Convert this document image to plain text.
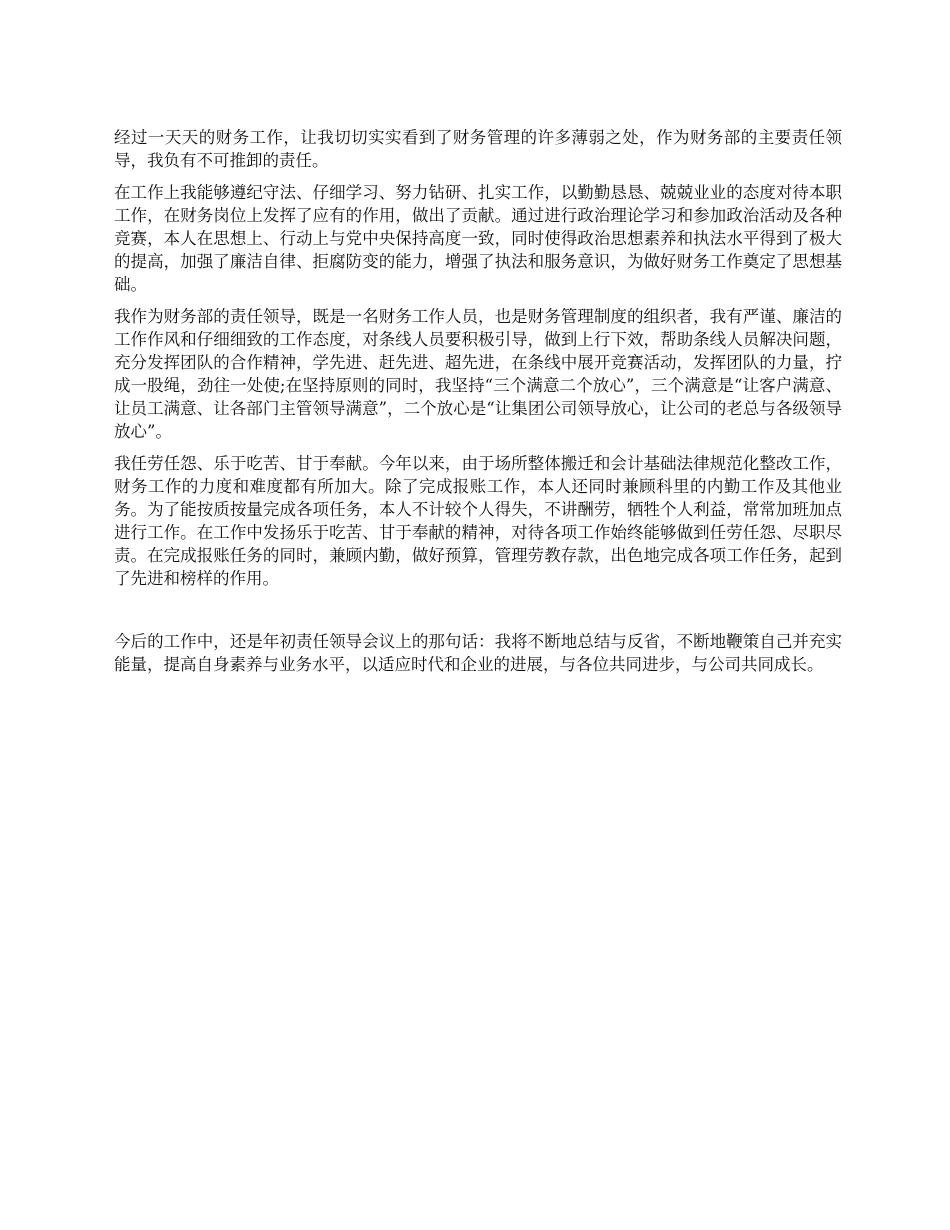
经过一天天的财务工作，让我切切实实看到了财务管理的许多薄弱之处，作为财务部的主要责任领导，我负有不可推卸的责任。

在工作上我能够遵纪守法、仔细学习、努力钻研、扎实工作，以勤勤恳恳、兢兢业业的态度对待本职工作，在财务岗位上发挥了应有的作用，做出了贡献。通过进行政治理论学习和参加政治活动及各种竞赛，本人在思想上、行动上与党中央保持高度一致，同时使得政治思想素养和执法水平得到了极大的提高，加强了廉洁自律、拒腐防变的能力，增强了执法和服务意识，为做好财务工作奠定了思想基础。

我作为财务部的责任领导，既是一名财务工作人员，也是财务管理制度的组织者，我有严谨、廉洁的工作作风和仔细细致的工作态度，对条线人员要积极引导，做到上行下效，帮助条线人员解决问题，充分发挥团队的合作精神，学先进、赶先进、超先进，在条线中展开竞赛活动，发挥团队的力量，拧成一股绳，劲往一处使;在坚持原则的同时，我坚持“三个满意二个放心”，三个满意是“让客户满意、让员工满意、让各部门主管领导满意”，二个放心是“让集团公司领导放心，让公司的老总与各级领导放心”。

我任劳任怨、乐于吃苦、甘于奉献。今年以来，由于场所整体搬迁和会计基础法律规范化整改工作，财务工作的力度和难度都有所加大。除了完成报账工作，本人还同时兼顾科里的内勤工作及其他业务。为了能按质按量完成各项任务，本人不计较个人得失，不讲酬劳，牺牲个人利益，常常加班加点进行工作。在工作中发扬乐于吃苦、甘于奉献的精神，对待各项工作始终能够做到任劳任怨、尽职尽责。在完成报账任务的同时，兼顾内勤，做好预算，管理劳教存款，出色地完成各项工作任务，起到了先进和榜样的作用。

今后的工作中，还是年初责任领导会议上的那句话：我将不断地总结与反省，不断地鞭策自己并充实能量，提高自身素养与业务水平，以适应时代和企业的进展，与各位共同进步，与公司共同成长。
